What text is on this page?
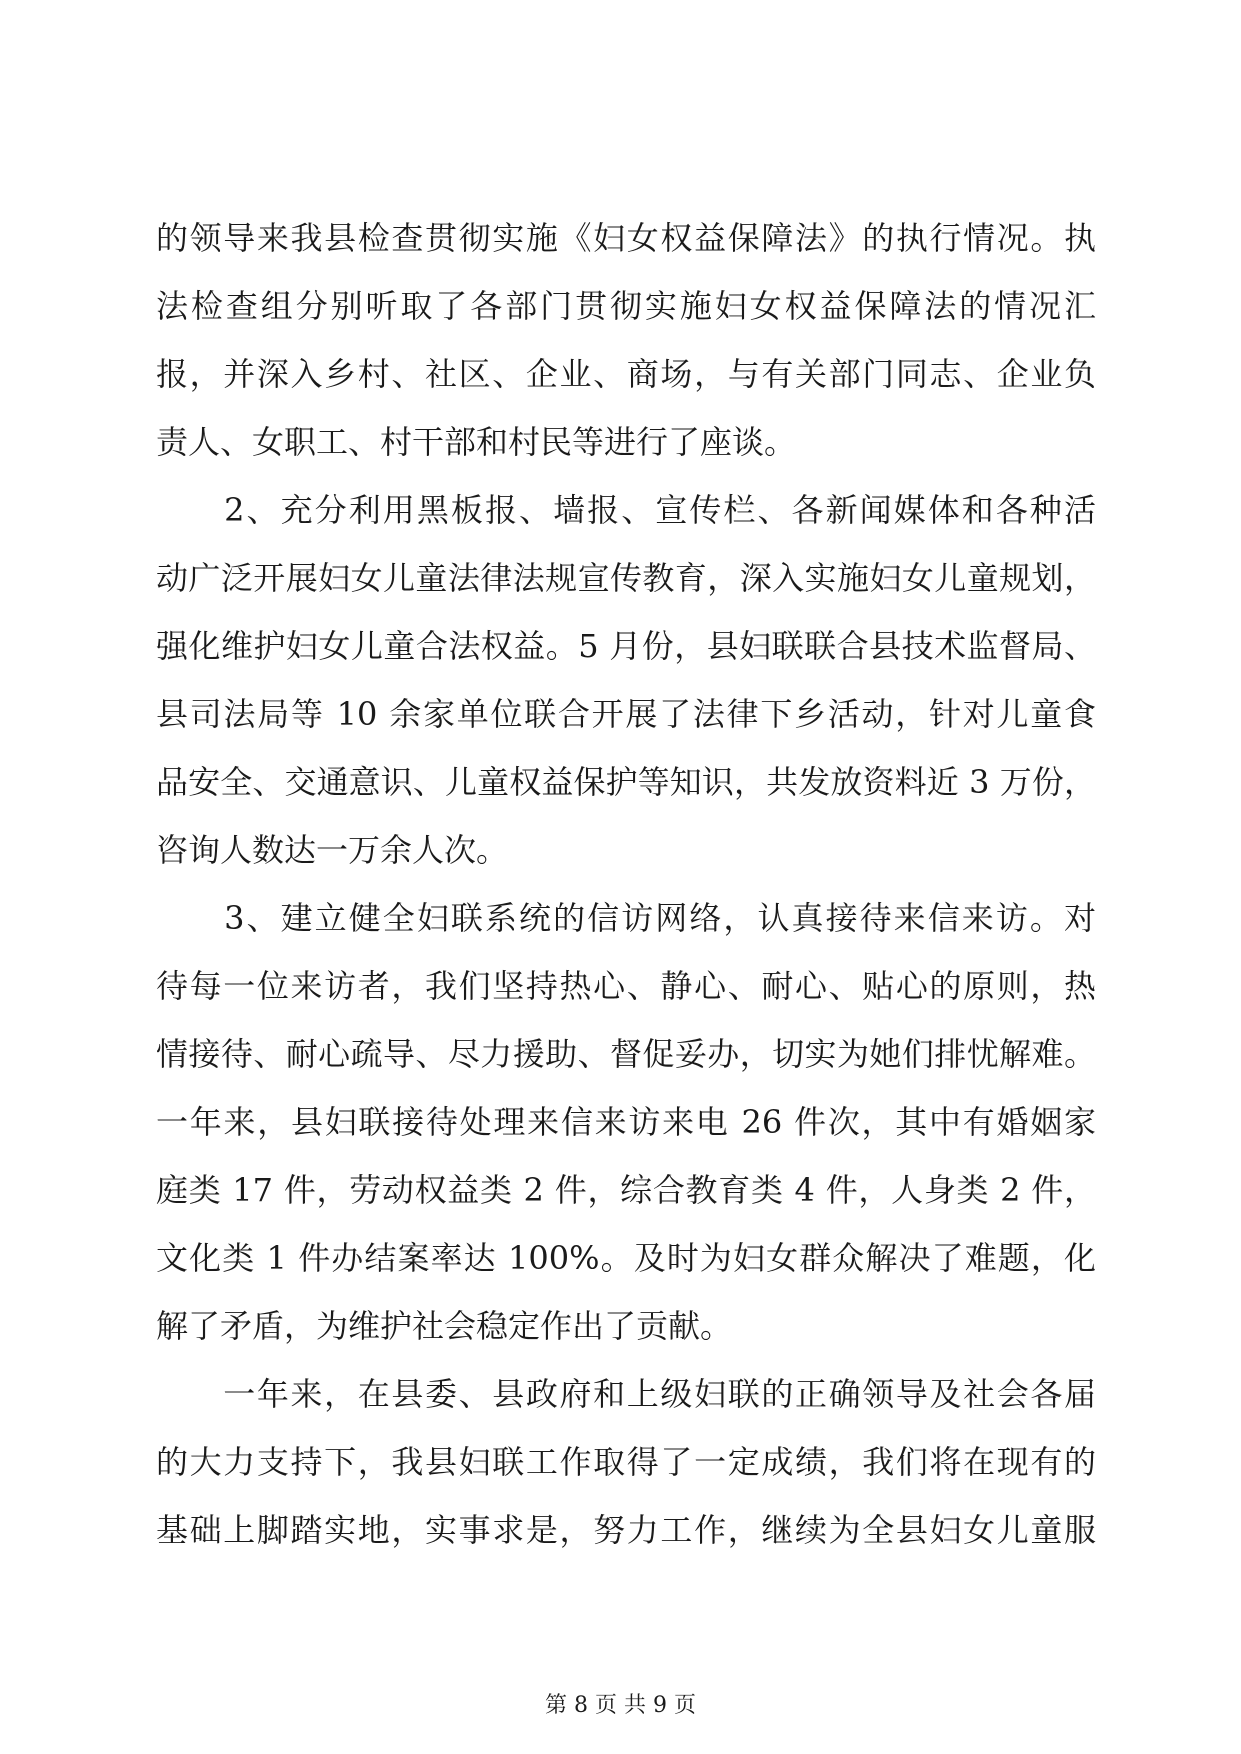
的领导来我县检查贯彻实施《妇女权益保障法》的执行情况。执
法检查组分别听取了各部门贯彻实施妇女权益保障法的情况汇
报，并深入乡村、社区、企业、商场，与有关部门同志、企业负
责人、女职工、村干部和村民等进行了座谈。
　　2、充分利用黑板报、墙报、宣传栏、各新闻媒体和各种活
动广泛开展妇女儿童法律法规宣传教育，深入实施妇女儿童规划，
强化维护妇女儿童合法权益。5 月份，县妇联联合县技术监督局、
县司法局等 10 余家单位联合开展了法律下乡活动，针对儿童食
品安全、交通意识、儿童权益保护等知识，共发放资料近 3 万份，
咨询人数达一万余人次。
　　3、建立健全妇联系统的信访网络，认真接待来信来访。对
待每一位来访者，我们坚持热心、静心、耐心、贴心的原则，热
情接待、耐心疏导、尽力援助、督促妥办，切实为她们排忧解难。
一年来，县妇联接待处理来信来访来电 26 件次，其中有婚姻家
庭类 17 件，劳动权益类 2 件，综合教育类 4 件，人身类 2 件，
文化类 1 件办结案率达 100%。及时为妇女群众解决了难题，化
解了矛盾，为维护社会稳定作出了贡献。
　　一年来，在县委、县政府和上级妇联的正确领导及社会各届
的大力支持下，我县妇联工作取得了一定成绩，我们将在现有的
基础上脚踏实地，实事求是，努力工作，继续为全县妇女儿童服
第 8 页 共 9 页
